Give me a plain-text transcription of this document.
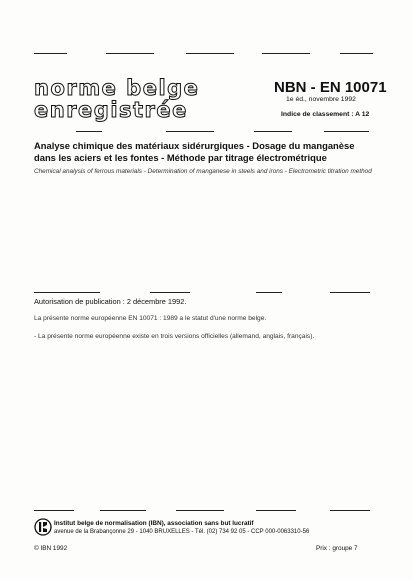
norme belge
enregistrée
NBN - EN 10071
1e éd., novembre 1992
Indice de classement : A 12
Analyse chimique des matériaux sidérurgiques - Dosage du manganèse dans les aciers et les fontes - Méthode par titrage électrométrique
Chemical analysis of ferrous materials - Determination of manganese in steels and irons - Electrometric titration method
Autorisation de publication : 2 décembre 1992.
La présente norme européenne EN 10071 : 1989 a le statut d'une norme belge.
- La présente norme européenne existe en trois versions officielles (allemand, anglais, français).
Institut belge de normalisation (IBN), association sans but lucratif
avenue de la Brabançonne 29 - 1040 BRUXELLES - Tél. (02) 734 92 05 - CCP 000-0063310-56
© IBN 1992	Prix : groupe 7
